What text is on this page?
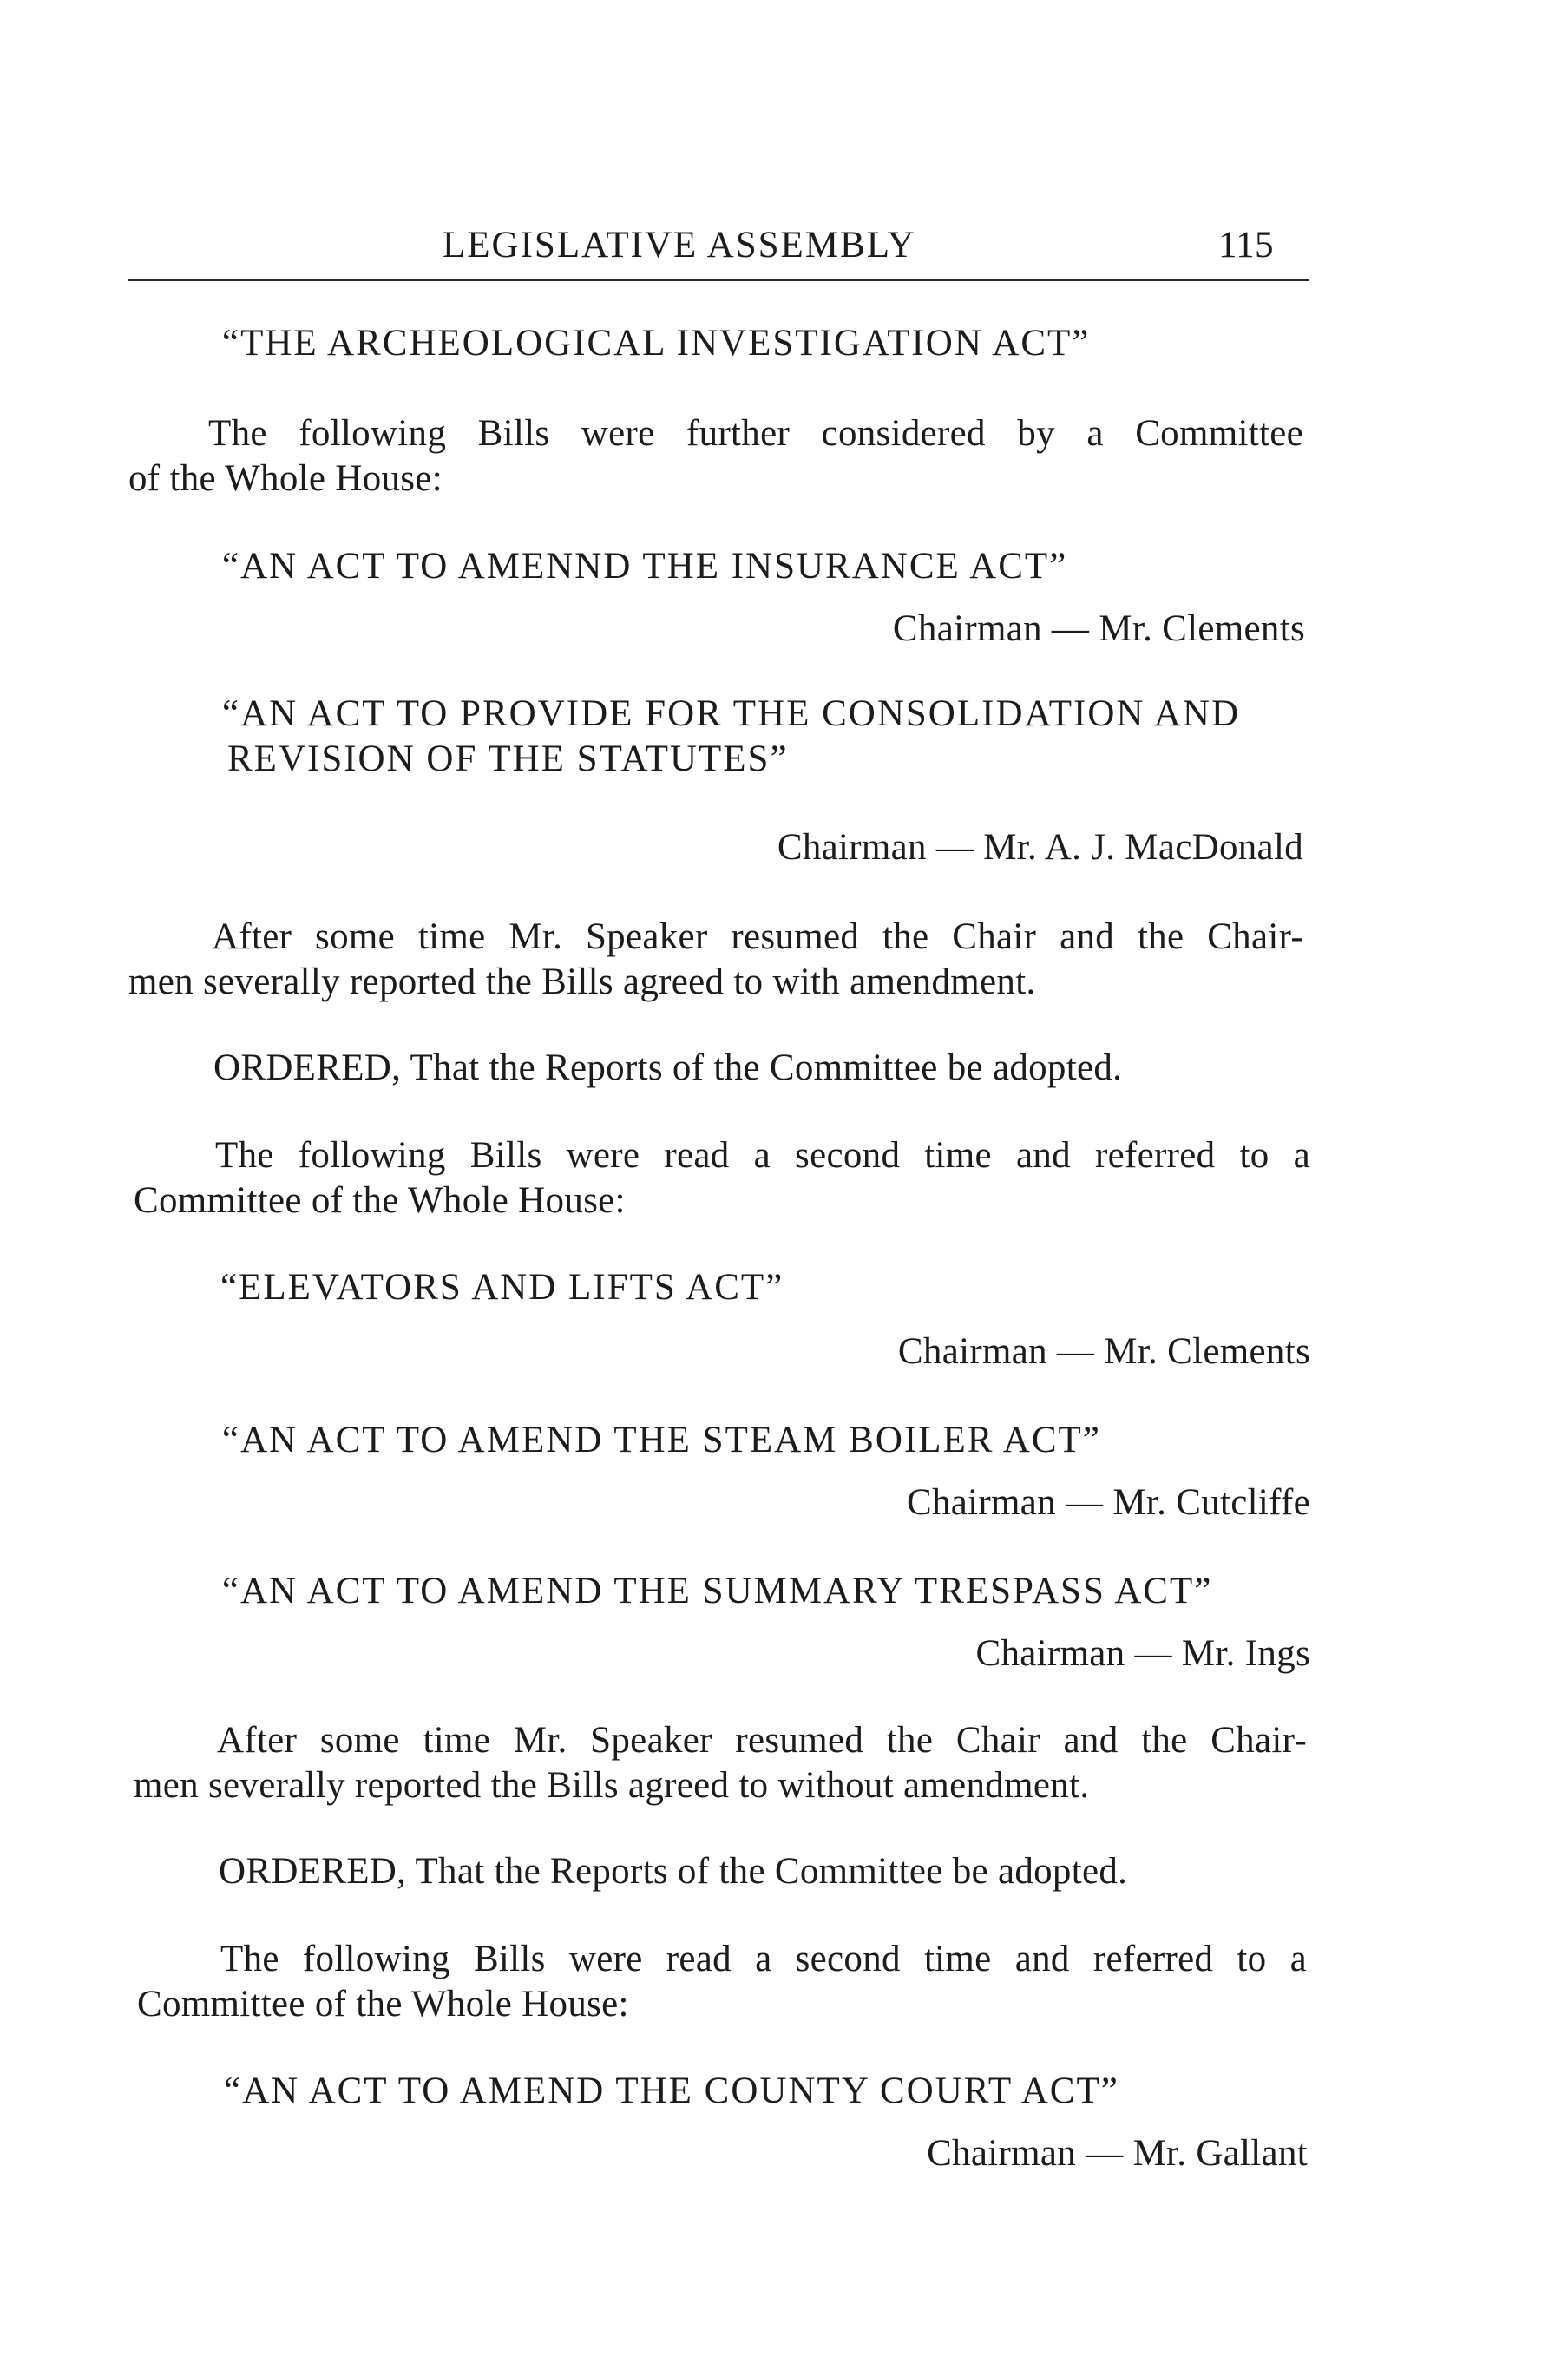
LEGISLATIVE ASSEMBLY	115

“THE ARCHEOLOGICAL INVESTIGATION ACT”

The following Bills were further considered by a Committee

of the Whole House:

“AN ACT TO AMENND THE INSURANCE ACT”

Chairman — Mr. Clements

“AN ACT TO PROVIDE FOR THE CONSOLIDATION AND

REVISION OF THE STATUTES”

Chairman — Mr. A. J. MacDonald

After some time Mr. Speaker resumed the Chair and the Chair-

men severally reported the Bills agreed to with amendment.

ORDERED, That the Reports of the Committee be adopted.

The following Bills were read a second time and referred to a

Committee of the Whole House:

“ELEVATORS AND LIFTS ACT”

Chairman — Mr. Clements

“AN ACT TO AMEND THE STEAM BOILER ACT”

Chairman — Mr. Cutcliffe

“AN ACT TO AMEND THE SUMMARY TRESPASS ACT”

Chairman — Mr. Ings

After some time Mr. Speaker resumed the Chair and the Chair-

men severally reported the Bills agreed to without amendment.

ORDERED, That the Reports of the Committee be adopted.

The following Bills were read a second time and referred to a

Committee of the Whole House:

“AN ACT TO AMEND THE COUNTY COURT ACT”

Chairman — Mr. Gallant
